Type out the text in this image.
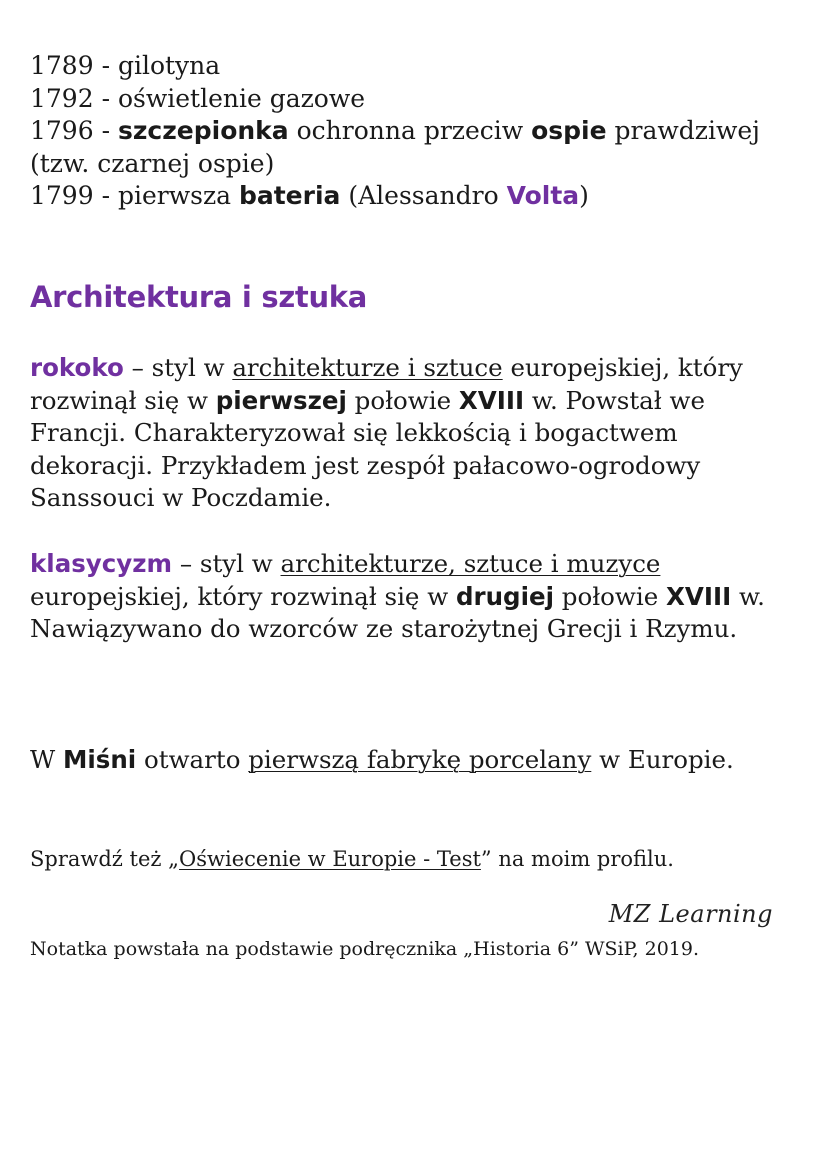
1789 - gilotyna

1792 - oświetlenie gazowe

1796 - szczepionka ochronna przeciw ospie prawdziwej

(tzw. czarnej ospie)

1799 - pierwsza bateria (Alessandro Volta)

Architektura i sztuka

rokoko – styl w architekturze i sztuce europejskiej, który rozwinął się w pierwszej połowie XVIII w. Powstał we Francji. Charakteryzował się lekkością i bogactwem dekoracji. Przykładem jest zespół pałacowo-ogrodowy Sanssouci w Poczdamie.

klasycyzm – styl w architekturze, sztuce i muzyce europejskiej, który rozwinął się w drugiej połowie XVIII w. Nawiązywano do wzorców ze starożytnej Grecji i Rzymu.

W Miśni otwarto pierwszą fabrykę porcelany w Europie.

Sprawdź też „Oświecenie w Europie - Test” na moim profilu.

MZ Learning

Notatka powstała na podstawie podręcznika „Historia 6” WSiP, 2019.
